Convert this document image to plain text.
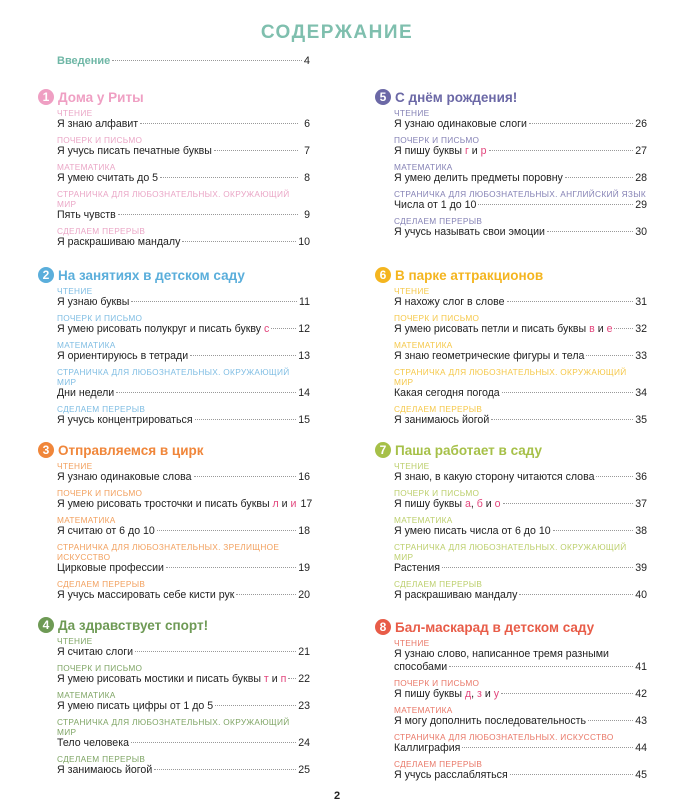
СОДЕРЖАНИЕ
Введение	4
1 Дома у Риты
ЧТЕНИЕ
Я знаю алфавит	6
ПОЧЕРК И ПИСЬМО
Я учусь писать печатные буквы	7
МАТЕМАТИКА
Я умею считать до 5	8
СТРАНИЧКА ДЛЯ ЛЮБОЗНАТЕЛЬНЫХ. ОКРУЖАЮЩИЙ МИР
Пять чувств	9
СДЕЛАЕМ ПЕРЕРЫВ
Я раскрашиваю мандалу	10
2 На занятиях в детском саду
ЧТЕНИЕ
Я узнаю буквы	11
ПОЧЕРК И ПИСЬМО
Я умею рисовать полукруг и писать букву с	12
МАТЕМАТИКА
Я ориентируюсь в тетради	13
СТРАНИЧКА ДЛЯ ЛЮБОЗНАТЕЛЬНЫХ. ОКРУЖАЮЩИЙ МИР
Дни недели	14
СДЕЛАЕМ ПЕРЕРЫВ
Я учусь концентрироваться	15
3 Отправляемся в цирк
ЧТЕНИЕ
Я узнаю одинаковые слова	16
ПОЧЕРК И ПИСЬМО
Я умею рисовать тросточки и писать буквы л и и 17
МАТЕМАТИКА
Я считаю от 6 до 10	18
СТРАНИЧКА ДЛЯ ЛЮБОЗНАТЕЛЬНЫХ. ЗРЕЛИЩНОЕ ИСКУССТВО
Цирковые профессии	19
СДЕЛАЕМ ПЕРЕРЫВ
Я учусь массировать себе кисти рук	20
4 Да здравствует спорт!
ЧТЕНИЕ
Я считаю слоги	21
ПОЧЕРК И ПИСЬМО
Я умею рисовать мостики и писать буквы т и п 22
МАТЕМАТИКА
Я умею писать цифры от 1 до 5	23
СТРАНИЧКА ДЛЯ ЛЮБОЗНАТЕЛЬНЫХ. ОКРУЖАЮЩИЙ МИР
Тело человека	24
СДЕЛАЕМ ПЕРЕРЫВ
Я занимаюсь йогой	25
5 С днём рождения!
ЧТЕНИЕ
Я узнаю одинаковые слоги	26
ПОЧЕРК И ПИСЬМО
Я пишу буквы г и р	27
МАТЕМАТИКА
Я умею делить предметы поровну	28
СТРАНИЧКА ДЛЯ ЛЮБОЗНАТЕЛЬНЫХ. АНГЛИЙСКИЙ ЯЗЫК
Числа от 1 до 10	29
СДЕЛАЕМ ПЕРЕРЫВ
Я учусь называть свои эмоции	30
6 В парке аттракционов
ЧТЕНИЕ
Я нахожу слог в слове	31
ПОЧЕРК И ПИСЬМО
Я умею рисовать петли и писать буквы в и е 32
МАТЕМАТИКА
Я знаю геометрические фигуры и тела	33
СТРАНИЧКА ДЛЯ ЛЮБОЗНАТЕЛЬНЫХ. ОКРУЖАЮЩИЙ МИР
Какая сегодня погода	34
СДЕЛАЕМ ПЕРЕРЫВ
Я занимаюсь йогой	35
7 Паша работает в саду
ЧТЕНИЕ
Я знаю, в какую сторону читаются слова	36
ПОЧЕРК И ПИСЬМО
Я пишу буквы а, б и о	37
МАТЕМАТИКА
Я умею писать числа от 6 до 10	38
СТРАНИЧКА ДЛЯ ЛЮБОЗНАТЕЛЬНЫХ. ОКРУЖАЮЩИЙ МИР
Растения	39
СДЕЛАЕМ ПЕРЕРЫВ
Я раскрашиваю мандалу	40
8 Бал-маскарад в детском саду
ЧТЕНИЕ
Я узнаю слово, написанное тремя разными
способами	41
ПОЧЕРК И ПИСЬМО
Я пишу буквы д, з и у	42
МАТЕМАТИКА
Я могу дополнить последовательность	43
СТРАНИЧКА ДЛЯ ЛЮБОЗНАТЕЛЬНЫХ. ИСКУССТВО
Каллиграфия	44
СДЕЛАЕМ ПЕРЕРЫВ
Я учусь расслабляться	45
2
